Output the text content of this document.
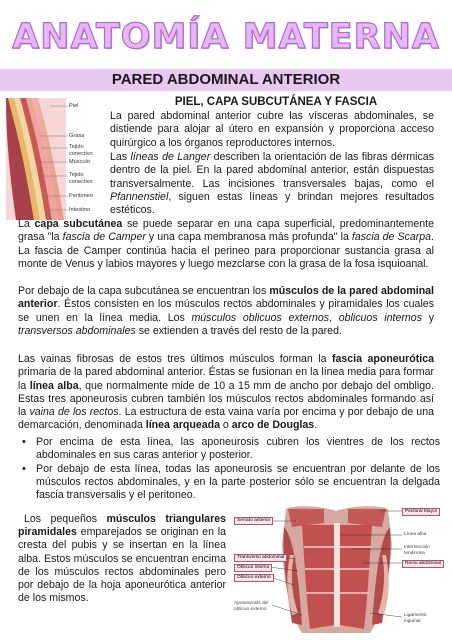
ANATOMÍA MATERNA
PARED ABDOMINAL ANTERIOR
PIEL, CAPA SUBCUTÁNEA Y FASCIA
Piel
Grasa
Tejido conectivo
Músculo
Tejido conectivo
Peritoneo
Intestino
La pared abdominal anterior cubre las vísceras abdominales, se distiende para alojar al útero en expansión y proporciona acceso quirúrgico a los órganos reproductores internos.
Las líneas de Langer describen la orientación de las fibras dérmicas dentro de la piel. En la pared abdominal anterior, están dispuestas transversalmente. Las incisiones transversales bajas, como el Pfannenstiel, siguen estas líneas y brindan mejores resultados estéticos.
La capa subcutánea se puede separar en una capa superficial, predominantemente grasa "la fascia de Camper y una capa membranosa más profunda" la fascia de Scarpa. La fascia de Camper continúa hacia el perineo para proporcionar sustancia grasa al monte de Venus y labios mayores y luego mezclarse con la grasa de la fosa isquioanal.
Por debajo de la capa subcutánea se encuentran los músculos de la pared abdominal anterior. Éstos consisten en los músculos rectos abdominales y piramidales los cuales se unen en la línea media. Los músculos oblicuos externos, oblicuos internos y transversos abdominales se extienden a través del resto de la pared.
Las vainas fibrosas de estos tres últimos músculos forman la fascia aponeurótica primaria de la pared abdominal anterior. Éstas se fusionan en la línea media para formar la línea alba, que normalmente mide de 10 a 15 mm de ancho por debajo del ombligo. Estas tres aponeurosis cubren también los músculos rectos abdominales formando así la vaina de los rectos. La estructura de esta vaina varía por encima y por debajo de una demarcación, denominada línea arqueada o arco de Douglas.
• Por encima de esta línea, las aponeurosis cubren los vientres de los rectos abdominales en sus caras anterior y posterior.
• Por debajo de esta línea, todas las aponeurosis se encuentran por delante de los músculos rectos abdominales, y en la parte posterior sólo se encuentran la delgada fascia transversalis y el peritoneo.
Los pequeños músculos triangulares piramidales emparejados se originan en la cresta del pubis y se insertan en la línea alba. Estos músculos se encuentran encima de los músculos rectos abdominales pero por debajo de la hoja aponeurótica anterior de los mismos.
Serrato anterior
Transverso abdominal
Oblicuo interno
Oblicuo externo
Aponeurosis del oblicuo externo
Pectoral Mayor
Línea alba
Intersección tendinosa
Recto abdominal
Ligamento inguinal
